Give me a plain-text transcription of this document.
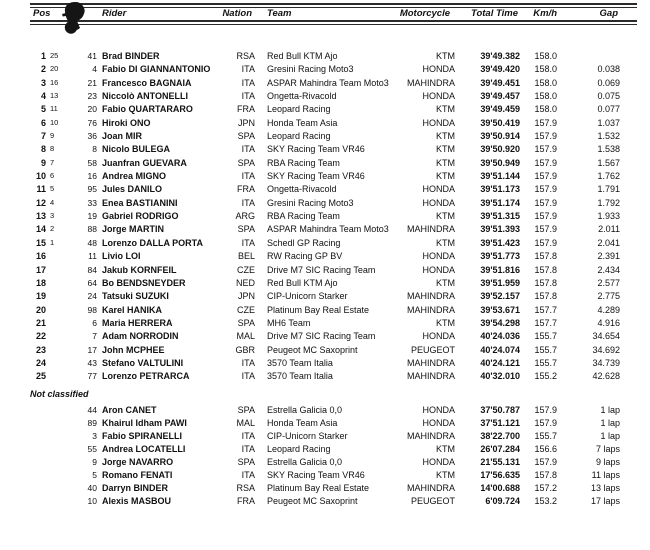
Pos	Rider	Nation Team	Motorcycle	Total Time	Km/h	Gap
1 25	41 Brad BINDER	RSA Red Bull KTM Ajo	KTM	39'49.382	158.0
2 20	4 Fabio DI GIANNANTONIO	ITA Gresini Racing Moto3	HONDA	39'49.420	158.0	0.038
3 16	21 Francesco BAGNAIA	ITA ASPAR Mahindra Team Moto3	MAHINDRA	39'49.451	158.0	0.069
4 13	23 Niccolò ANTONELLI	ITA Ongetta-Rivacold	HONDA	39'49.457	158.0	0.075
5 11	20 Fabio QUARTARARO	FRA Leopard Racing	KTM	39'49.459	158.0	0.077
6 10	76 Hiroki ONO	JPN Honda Team Asia	HONDA	39'50.419	157.9	1.037
7 9	36 Joan MIR	SPA Leopard Racing	KTM	39'50.914	157.9	1.532
8 8	8 Nicolo BULEGA	ITA SKY Racing Team VR46	KTM	39'50.920	157.9	1.538
9 7	58 Juanfran GUEVARA	SPA RBA Racing Team	KTM	39'50.949	157.9	1.567
10 6	16 Andrea MIGNO	ITA SKY Racing Team VR46	KTM	39'51.144	157.9	1.762
11 5	95 Jules DANILO	FRA Ongetta-Rivacold	HONDA	39'51.173	157.9	1.791
12 4	33 Enea BASTIANINI	ITA Gresini Racing Moto3	HONDA	39'51.174	157.9	1.792
13 3	19 Gabriel RODRIGO	ARG RBA Racing Team	KTM	39'51.315	157.9	1.933
14 2	88 Jorge MARTIN	SPA ASPAR Mahindra Team Moto3	MAHINDRA	39'51.393	157.9	2.011
15 1	48 Lorenzo DALLA PORTA	ITA Schedl GP Racing	KTM	39'51.423	157.9	2.041
16	11 Livio LOI	BEL RW Racing GP BV	HONDA	39'51.773	157.8	2.391
17	84 Jakub KORNFEIL	CZE Drive M7 SIC Racing Team	HONDA	39'51.816	157.8	2.434
18	64 Bo BENDSNEYDER	NED Red Bull KTM Ajo	KTM	39'51.959	157.8	2.577
19	24 Tatsuki SUZUKI	JPN CIP-Unicorn Starker	MAHINDRA	39'52.157	157.8	2.775
20	98 Karel HANIKA	CZE Platinum Bay Real Estate	MAHINDRA	39'53.671	157.7	4.289
21	6 Maria HERRERA	SPA MH6 Team	KTM	39'54.298	157.7	4.916
22	7 Adam NORRODIN	MAL Drive M7 SIC Racing Team	HONDA	40'24.036	155.7	34.654
23	17 John MCPHEE	GBR Peugeot MC Saxoprint	PEUGEOT	40'24.074	155.7	34.692
24	43 Stefano VALTULINI	ITA 3570 Team Italia	MAHINDRA	40'24.121	155.7	34.739
25	77 Lorenzo PETRARCA	ITA 3570 Team Italia	MAHINDRA	40'32.010	155.2	42.628
Not classified
44 Aron CANET	SPA Estrella Galicia 0,0	HONDA	37'50.787	157.9	1 lap
89 Khairul Idham PAWI	MAL Honda Team Asia	HONDA	37'51.121	157.9	1 lap
3 Fabio SPIRANELLI	ITA CIP-Unicorn Starker	MAHINDRA	38'22.700	155.7	1 lap
55 Andrea LOCATELLI	ITA Leopard Racing	KTM	26'07.284	156.6	7 laps
9 Jorge NAVARRO	SPA Estrella Galicia 0,0	HONDA	21'55.131	157.9	9 laps
5 Romano FENATI	ITA SKY Racing Team VR46	KTM	17'56.635	157.8	11 laps
40 Darryn BINDER	RSA Platinum Bay Real Estate	MAHINDRA	14'00.688	157.2	13 laps
10 Alexis MASBOU	FRA Peugeot MC Saxoprint	PEUGEOT	6'09.724	153.2	17 laps
